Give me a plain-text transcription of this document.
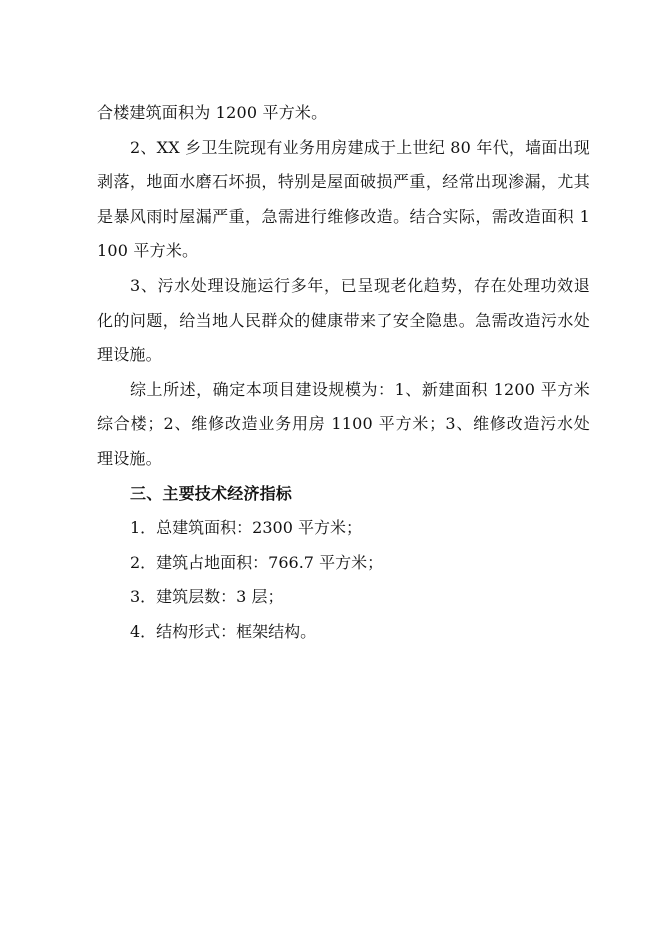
合楼建筑面积为 1200 平方米。

2、XX 乡卫生院现有业务用房建成于上世纪 80 年代，墙面出现剥落，地面水磨石坏损，特别是屋面破损严重，经常出现渗漏，尤其是暴风雨时屋漏严重，急需进行维修改造。结合实际，需改造面积 1100 平方米。

3、污水处理设施运行多年，已呈现老化趋势，存在处理功效退化的问题，给当地人民群众的健康带来了安全隐患。急需改造污水处理设施。

综上所述，确定本项目建设规模为：1、新建面积 1200 平方米综合楼；2、维修改造业务用房 1100 平方米；3、维修改造污水处理设施。

三、主要技术经济指标

1．总建筑面积：2300 平方米；

2．建筑占地面积：766.7 平方米；

3．建筑层数：3 层；

4．结构形式：框架结构。
